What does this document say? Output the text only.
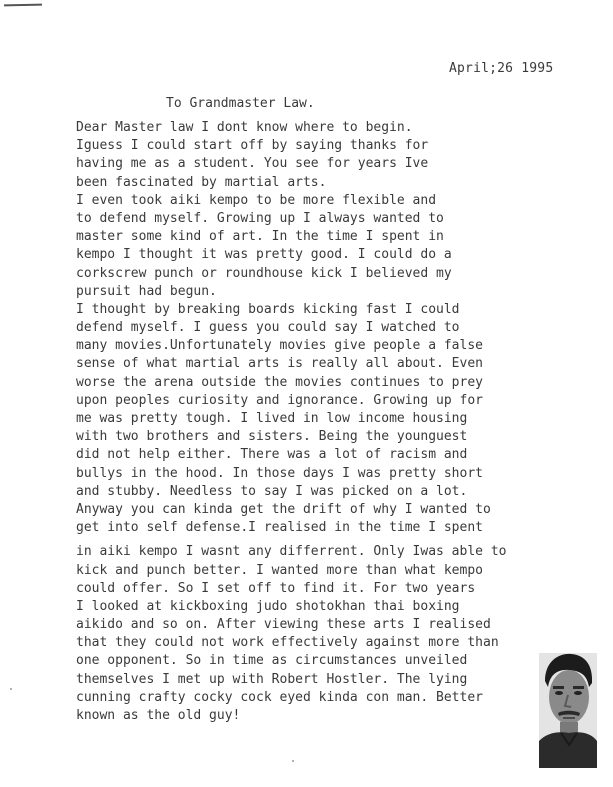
April;26 1995
To Grandmaster Law.
Dear Master law I dont know where to begin.
Iguess I could start off by saying thanks for
having me as a student. You see for years Ive
been fascinated by martial arts.
I even took aiki kempo to be more flexible and
to defend myself. Growing up I always wanted to
master some kind of art. In the time I spent in
kempo I thought it was pretty good. I could do a
corkscrew punch or roundhouse kick I believed my
pursuit had begun.
I thought by breaking boards kicking fast I could
defend myself. I guess you could say I watched to
many movies.Unfortunately movies give people a false
sense of what martial arts is really all about. Even
worse the arena outside the movies continues to prey
upon peoples curiosity and ignorance. Growing up for
me was pretty tough. I lived in low income housing
with two brothers and sisters. Being the younguest
did not help either. There was a lot of racism and
bullys in the hood. In those days I was pretty short
and stubby. Needless to say I was picked on a lot.
Anyway you can kinda get the drift of why I wanted to
get into self defense.I realised in the time I spent
in aiki kempo I wasnt any differrent. Only Iwas able to
kick and punch better. I wanted more than what kempo
could offer. So I set off to find it. For two years
I looked at kickboxing judo shotokhan thai boxing
aikido and so on. After viewing these arts I realised
that they could not work effectively against more than
one opponent. So in time as circumstances unveiled
themselves I met up with Robert Hostler. The lying
cunning crafty cocky cock eyed kinda con man. Better
known as the old guy!
